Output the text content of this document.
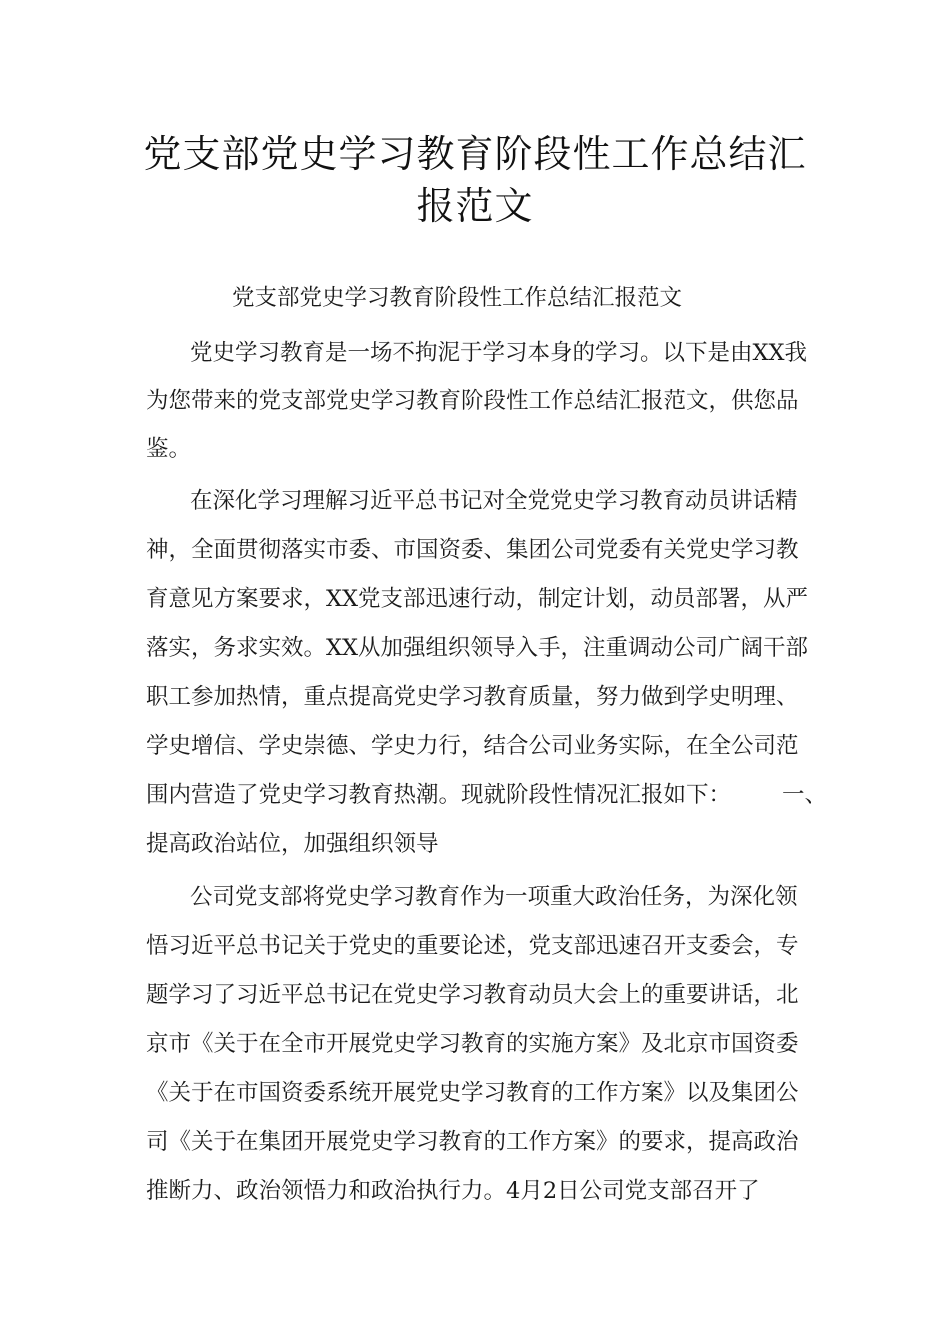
党支部党史学习教育阶段性工作总结汇
报范文

党支部党史学习教育阶段性工作总结汇报范文

党史学习教育是一场不拘泥于学习本身的学习。以下是由XX我

为您带来的党支部党史学习教育阶段性工作总结汇报范文，供您品

鉴。

在深化学习理解习近平总书记对全党党史学习教育动员讲话精

神，全面贯彻落实市委、市国资委、集团公司党委有关党史学习教

育意见方案要求，XX党支部迅速行动，制定计划，动员部署，从严

落实，务求实效。XX从加强组织领导入手，注重调动公司广阔干部

职工参加热情，重点提高党史学习教育质量，努力做到学史明理、

学史增信、学史崇德、学史力行，结合公司业务实际，在全公司范

围内营造了党史学习教育热潮。现就阶段性情况汇报如下： 一、

提高政治站位，加强组织领导

公司党支部将党史学习教育作为一项重大政治任务，为深化领

悟习近平总书记关于党史的重要论述，党支部迅速召开支委会，专

题学习了习近平总书记在党史学习教育动员大会上的重要讲话，北

京市《关于在全市开展党史学习教育的实施方案》及北京市国资委

《关于在市国资委系统开展党史学习教育的工作方案》以及集团公

司《关于在集团开展党史学习教育的工作方案》的要求，提高政治

推断力、政治领悟力和政治执行力。4月2日公司党支部召开了
